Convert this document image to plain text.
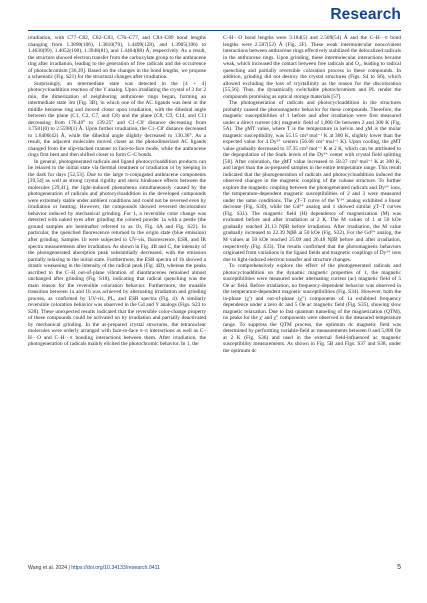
Research

irradiation, with C77–C82, C82–C83, C76–C77, and C84–C89 bond lengths changing from 1.3890(106), 1.3810(79), 1.4499(128), and 1.3905(106) to 1.4630(99), 1.4052(108), 1.3948(81), and 1.4464(88) Å, respectively. As a result, the structure showed electron transfer from the carboxylate group to the anthracene ring after irradiation, leading to the generation of free radicals and the occurrence of photochromism [36,39]. Based on the changes in the bond lengths, we propose a schematic (Fig. S21) for the structural changes after irradiation.

Surprisingly, an intermediate state was detected in the [4 + 4] photocycloaddition reaction of the Y analog. Upon irradiating the crystal of 3 for 2 min, the dimerization of neighboring anthracene rings began, forming an intermediate state 3m (Fig. 3B), in which one of the AC ligands was bent in the middle benzene ring and moved closer upon irradiation, with the dihedral angle between the plane (C1, C2, C7, and C8) and the plane (C8, C9, C14, and C1) decreasing from 176.40° to 139.25° and C1–C8' distance decreasing from 3.7581(0) to 2.5598(1) Å. Upon further irradiation, the C1–C8' distance decreased to 1.6400(42) Å, while the dihedral angle slightly decreased to 130.36°. As a result, the adjacent molecules moved closer as the photodimerized AC ligands changed from the slip-stacked manner to face-to-face mode, while the anthracene rings first bent and then shifted closer to form C–C bonds.

In general, photogenerated radicals and ligand photocycloaddition products can be relaxed to the initial state via thermal treatment or irradiation or by keeping in the dark for days [52,53]. Due to the large π-conjugated anthracene components [39,54] as well as strong crystal rigidity and steric hindrance effects between the molecules [29,41], the light-induced phenomena simultaneously caused by the photogeneration of radicals and photocycloaddition in the developed compounds were extremely stable under ambient conditions and could not be reversed even by irradiation or heating. However, the compounds showed reversed decoloration behavior induced by mechanical grinding. For 1, a reversible color change was detected with naked eyes after grinding the colored powder 1a with a pestle (the ground samples are hereinafter referred to as 1b, Fig. 4A and Fig. S22). In particular, the quenched fluorescence returned to the origin state (blue emission) after grinding. Samples 1b were subjected to UV-vis, fluorescence, ESR, and IR spectra measurements after irradiation. As shown in Fig. 4B and C, the intensity of the photogenerated absorption peak substantially decreased, with the emission partially relaxing to the initial state. Furthermore, the ESR spectra of 1b showed a drastic weakening in the intensity of the radical peak (Fig. 4D), whereas the peaks ascribed to the C–H out-of-plane vibration of dianthracenes remained almost unchanged after grinding (Fig. S18), indicating that radical quenching was the main reason for the reversible coloration behavior. Furthermore, the mutable transition between 1a and 1b was achieved by alternating irradiation and grinding process, as confirmed by UV-vis, PL, and ESR spectra (Fig. 4). A similarly reversible coloration behavior was observed in the Gd and Y analogs (Figs. S23 to S28). These unexpected results indicated that the reversible color-change property of these compounds could be activated on by irradiation and partially deactivated by mechanical grinding. In the as-prepared crystal structures, the tetranuclear molecules were orderly arranged with face-to-face π–π interactions as well as C–H···O and C–H···π bonding interactions between them. After irradiation, the photogeneration of radicals mainly elicited the photochromic behavior. In 1, the

C–H···O bond lengths were 3.184(5) and 2.509(54) Å and the C–H···π bond lengths were 2.587(52) Å (Fig. 2F). These weak intermolecular noncovalent interactions between anthracene rings effectively stabilized the delocalized radicals in the anthracene rings. Upon grinding, these intermolecular interactions became weak, which increased the contact between free radicals and O₂, leading to radical quenching and partially reversible coloration process in these compounds. In addition, grinding did not destroy the crystal structures (Figs. S4 to S6), which allowed excluding the loss of crystallinity as the reason for the discoloration [55,56]. Thus, the dynamically switchable photochromism and PL render the compounds promising as optical storage materials [57].

The photogeneration of radicals and photocycloaddition in the structures probably caused the photomagnetic behavior for these compounds. Therefore, the magnetic susceptibilities of 1 before and after irradiation were first measured under a direct current (dc) magnetic field of 1,000 Oe between 2 and 300 K (Fig. 5A). The χMT value, where T is the temperature in kelvin and χM is the molar magnetic susceptibility, was 55.15 cm³ mol⁻¹ K at 300 K, slightly lower than the expected value for 4 Dy³⁺ centers (56.68 cm³ mol⁻¹ K). Upon cooling, the χMT value gradually decreased to 37.35 cm³ mol⁻¹ K at 2 K, which can be attributed to the depopulation of the Stark levels of the Dy³⁺ center with crystal field splitting [58]. After coloration, the χMT value increased to 58.37 cm³ mol⁻¹ K at 300 K, and larger than the as-prepared samples in the entire temperature range. This result indicated that the photogeneration of radicals and photocycloaddition induced the observed changes in the magnetic coupling of the cubane structure. To further explore the magnetic coupling between the photogenerated radicals and Dy³⁺ ions, the temperature-dependent magnetic susceptibilities of 2 and 3 were measured under the same conditions. The χT–T curve of the Y³⁺ analog exhibited a linear decrease (Fig. S30), while the Gd³⁺ analog and 1 showed similar χT–T curves (Fig. S31). The magnetic field (H) dependence of magnetization (M) was evaluated before and after irradiation at 2 K. The M values of 1 at 50 kOe gradually reached 21.13 NβB before irradiation. After irradiation, the M value gradually increased to 22.39 NβB at 50 kOe (Fig. S32). For the Gd³⁺ analog, the M values at 50 kOe reached 25.09 and 26.48 NβB before and after irradiation, respectively (Fig. S33). The results confirmed that the photomagnetic behaviors originated from variations in the ligand fields and magnetic couplings of Dy³⁺ ions due to light-induced electron transfer and structure changes.

To comprehensively explore the effect of the photogenerated radicals and photocycloaddition on the dynamic magnetic properties of 1, the magnetic susceptibilities were measured under alternating current (ac) magnetic field of 5 Oe ac field. Before irradiation, no frequency-dependent behavior was observed in the temperature-dependent magnetic susceptibilities (Fig. S34). However, both the in-phase (χ′) and out-of-phase (χ″) components of 1a exhibited frequency dependence under a zero dc and 5 Oe ac magnetic field (Fig. S35), showing slow magnetic relaxation. Due to fast quantum tunneling of the magnetization (QTM), no peaks for the χ′ and χ″ components were observed in the measured temperature range. To suppress the QTM process, the optimum dc magnetic field was determined by performing variable-field ac measurements between 0 and 5,000 Oe at 2 K (Fig. S36) and used in the external field-influenced ac magnetic susceptibility measurements. As shown in Fig. 5B and Figs. S37 and S38, under the optimum dc

Wang et al. 2024 | https://doi.org/10.34133/research.0411	5
